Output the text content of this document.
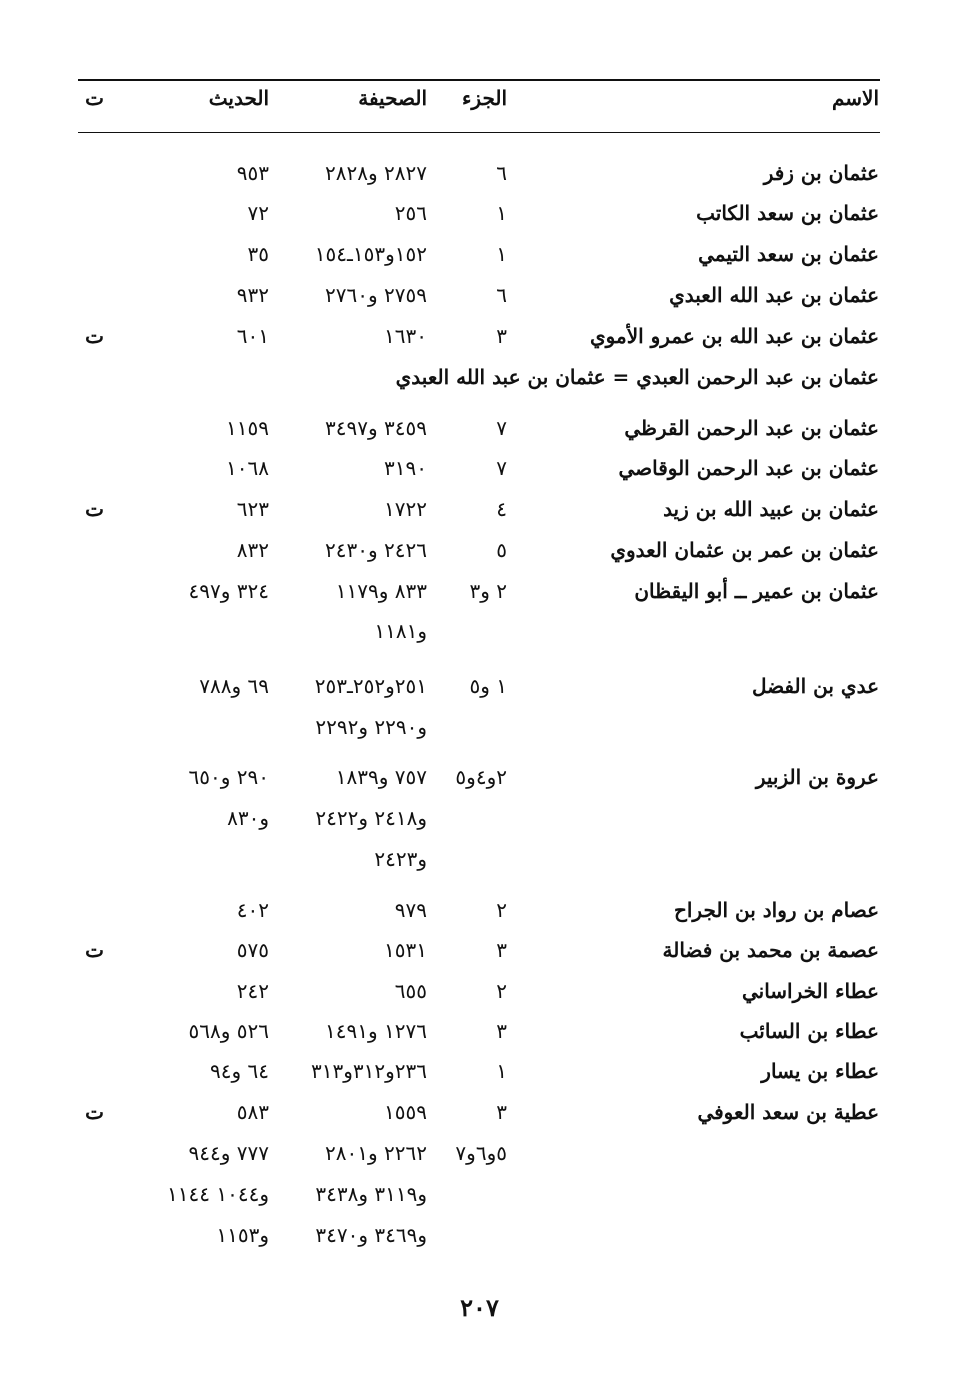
الاسم
الجزء
الصحيفة
الحديث
ت
عثمان بن زفر
٦
٢٨٢٧ و٢٨٢٨
٩٥٣
عثمان بن سعد الكاتب
١
٢٥٦
٧٢
عثمان بن سعد التيمي
١
١٥٢و١٥٣ـ١٥٤
٣٥
عثمان بن عبد الله العبدي
٦
٢٧٥٩ و٢٧٦٠
٩٣٢
عثمان بن عبد الله بن عمرو الأموي
٣
١٦٣٠
٦٠١
ت
عثمان بن عبد الرحمن العبدي = عثمان بن عبد الله العبدي
عثمان بن عبد الرحمن القرظي
٧
٣٤٥٩ و٣٤٩٧
١١٥٩
عثمان بن عبد الرحمن الوقاصي
٧
٣١٩٠
١٠٦٨
عثمان بن عبيد الله بن زيد
٤
١٧٢٢
٦٢٣
ت
عثمان بن عمر بن عثمان العدوي
٥
٢٤٢٦ و٢٤٣٠
٨٣٢
عثمان بن عمير ــ أبو اليقظان
٢ و٣
٨٣٣ و١١٧٩
٣٢٤ و٤٩٧
و١١٨١
عدي بن الفضل
١ و٥
٢٥١و٢٥٢ـ٢٥٣
٦٩ و٧٨٨
و٢٢٩٠ و٢٢٩٢
عروة بن الزبير
٢و٤و٥
٧٥٧ و١٨٣٩
٢٩٠ و٦٥٠
و٢٤١٨ و٢٤٢٢
و٨٣٠
و٢٤٢٣
عصام بن رواد بن الجراح
٢
٩٧٩
٤٠٢
عصمة بن محمد بن فضالة
٣
١٥٣١
٥٧٥
ت
عطاء الخراساني
٢
٦٥٥
٢٤٢
عطاء بن السائب
٣
١٢٧٦ و١٤٩١
٥٢٦ و٥٦٨
عطاء بن يسار
١
٢٣٦و٣١٢و٣١٣
٦٤ و٩٤
عطية بن سعد العوفي
٣
١٥٥٩
٥٨٣
ت
٥و٦و٧
٢٢٦٢ و٢٨٠١
٧٧٧ و٩٤٤
و٣١١٩ و٣٤٣٨
و١٠٤٤ ١١٤٤
و٣٤٦٩ و٣٤٧٠
و١١٥٣
٢٠٧
